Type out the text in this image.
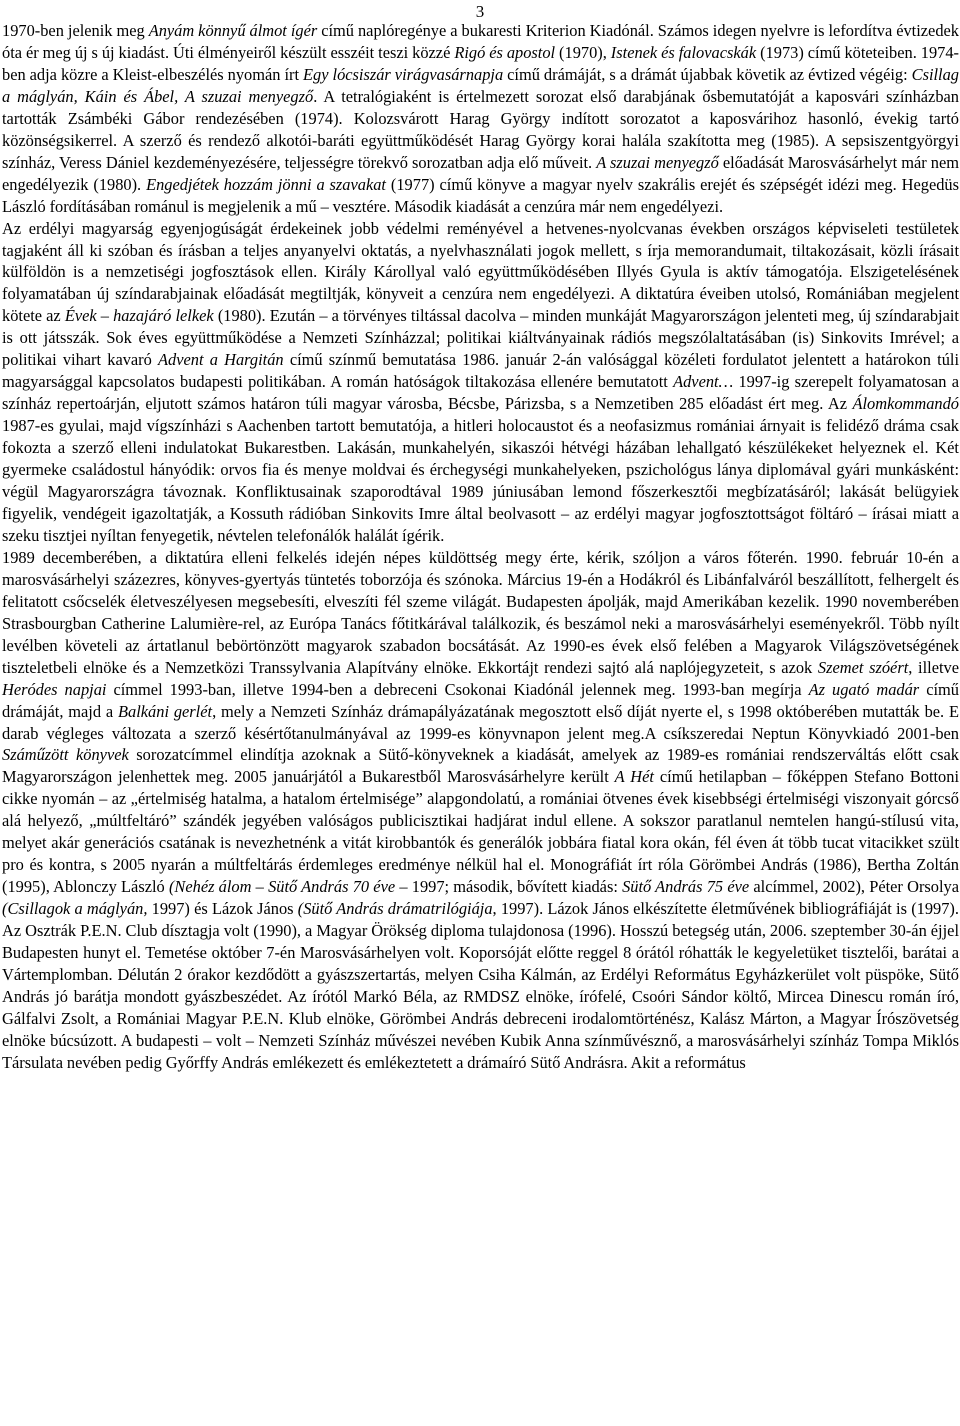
3

1970-ben jelenik meg Anyám könnyű álmot ígér című naplóregénye a bukaresti Kriterion Kiadónál. Számos idegen nyelvre is lefordítva évtizedek óta ér meg új s új kiadást. Úti élményeiről készült esszéit teszi közzé Rigó és apostol (1970), Istenek és falovacskák (1973) című köteteiben. 1974-ben adja közre a Kleist-elbeszélés nyomán írt Egy lócsiszár virágvasárnapja című drámáját, s a drámát újabbak követik az évtized végéig: Csillag a máglyán, Káin és Ábel, A szuzai menyegző. A tetralógiaként is értelmezett sorozat első darabjának ősbemutatóját a kaposvári színházban tartották Zsámbéki Gábor rendezésében (1974). Kolozsvárott Harag György indított sorozatot a kaposvárihoz hasonló, évekig tartó közönségsikerrel. A szerző és rendező alkotói-baráti együttműködését Harag György korai halála szakította meg (1985). A sepsiszentgyörgyi színház, Veress Dániel kezdeményezésére, teljességre törekvő sorozatban adja elő műveit. A szuzai menyegző előadását Marosvásárhelyt már nem engedélyezik (1980). Engedjétek hozzám jönni a szavakat (1977) című könyve a magyar nyelv szakrális erejét és szépségét idézi meg. Hegedüs László fordításában románul is megjelenik a mű – vesztére. Második kiadását a cenzúra már nem engedélyezi.

Az erdélyi magyarság egyenjogúságát érdekeinek jobb védelmi reményével a hetvenes-nyolcvanas években országos képviseleti testületek tagjaként áll ki szóban és írásban a teljes anyanyelvi oktatás, a nyelvhasználati jogok mellett, s írja memorandumait, tiltakozásait, közli írásait külföldön is a nemzetiségi jogfosztások ellen. Király Károllyal való együttműködésében Illyés Gyula is aktív támogatója. Elszigetelésének folyamatában új színdarabjainak előadását megtiltják, könyveit a cenzúra nem engedélyezi. A diktatúra éveiben utolsó, Romániában megjelent kötete az Évek – hazajáró lelkek (1980). Ezután – a törvényes tiltással dacolva – minden munkáját Magyarországon jelenteti meg, új színdarabjait is ott játsszák. Sok éves együttműködése a Nemzeti Színházzal; politikai kiáltványainak rádiós megszólaltatásában (is) Sinkovits Imrével; a politikai vihart kavaró Advent a Hargitán című színmű bemutatása 1986. január 2-án valósággal közéleti fordulatot jelentett a határokon túli magyarsággal kapcsolatos budapesti politikában. A román hatóságok tiltakozása ellenére bemutatott Advent… 1997-ig szerepelt folyamatosan a színház repertoárján, eljutott számos határon túli magyar városba, Bécsbe, Párizsba, s a Nemzetiben 285 előadást ért meg. Az Álomkommandó 1987-es gyulai, majd vígszínházi s Aachenben tartott bemutatója, a hitleri holocaustot és a neofasizmus romániai árnyait is felidéző dráma csak fokozta a szerző elleni indulatokat Bukarestben. Lakásán, munkahelyén, sikaszói hétvégi házában lehallgató készülékeket helyeznek el. Két gyermeke családostul hányódik: orvos fia és menye moldvai és érchegységi munkahelyeken, pszichológus lánya diplomával gyári munkásként: végül Magyarországra távoznak. Konfliktusainak szaporodtával 1989 júniusában lemond főszerkesztői megbízatásáról; lakását belügyiek figyelik, vendégeit igazoltatják, a Kossuth rádióban Sinkovits Imre által beolvasott – az erdélyi magyar jogfosztottságot föltáró – írásai miatt a szeku tisztjei nyíltan fenyegetik, névtelen telefonálók halálát ígérik.

1989 decemberében, a diktatúra elleni felkelés idején népes küldöttség megy érte, kérik, szóljon a város főterén. 1990. február 10-én a marosvásárhelyi százezres, könyves-gyertyás tüntetés toborzója és szónoka. Március 19-én a Hodákról és Libánfalváról beszállított, felhergelt és felitatott csőcselék életveszélyesen megsebesíti, elveszíti fél szeme világát. Budapesten ápolják, majd Amerikában kezelik. 1990 novemberében Strasbourgban Catherine Lalumière-rel, az Európa Tanács főtitkárával találkozik, és beszámol neki a marosvásárhelyi eseményekről. Több nyílt levélben követeli az ártatlanul bebörtönzött magyarok szabadon bocsátását. Az 1990-es évek első felében a Magyarok Világszövetségének tiszteletbeli elnöke és a Nemzetközi Transsylvania Alapítvány elnöke. Ekkortájt rendezi sajtó alá naplójegyzeteit, s azok Szemet szóért, illetve Heródes napjai címmel 1993-ban, illetve 1994-ben a debreceni Csokonai Kiadónál jelennek meg. 1993-ban megírja Az ugató madár című drámáját, majd a Balkáni gerlét, mely a Nemzeti Színház drámapályázatának megosztott első díját nyerte el, s 1998 októberében mutatták be. E darab végleges változata a szerző késértőtanulmányával az 1999-es könyvnapon jelent meg.A csíkszeredai Neptun Könyvkiadó 2001-ben Száműzött könyvek sorozatcímmel elindítja azoknak a Sütő-könyveknek a kiadását, amelyek az 1989-es romániai rendszerváltás előtt csak Magyarországon jelenhettek meg. 2005 januárjától a Bukarestből Marosvásárhelyre került A Hét című hetilapban – főképpen Stefano Bottoni cikke nyomán – az „értelmiség hatalma, a hatalom értelmisége” alapgondolatú, a romániai ötvenes évek kisebbségi értelmiségi viszonyait górcső alá helyező, „múltfeltáró” szándék jegyében valóságos publicisztikai hadjárat indul ellene. A sokszor paratlanul nemtelen hangú-stílusú vita, melyet akár generációs csatának is nevezhetnénk a vitát kirobbantók és generálók jobbára fiatal kora okán, fél éven át több tucat vitacikket szült pro és kontra, s 2005 nyarán a múltfeltárás érdemleges eredménye nélkül hal el. Monográfiát írt róla Görömbei András (1986), Bertha Zoltán (1995), Ablonczy László (Nehéz álom – Sütő András 70 éve – 1997; második, bővített kiadás: Sütő András 75 éve alcímmel, 2002), Péter Orsolya (Csillagok a máglyán, 1997) és Lázok János (Sütő András drámatrilógiája, 1997). Lázok János elkészítette életművének bibliográfiáját is (1997). Az Osztrák P.E.N. Club dísztagja volt (1990), a Magyar Örökség diploma tulajdonosa (1996). Hosszú betegség után, 2006. szeptember 30-án éjjel Budapesten hunyt el. Temetése október 7-én Marosvásárhelyen volt. Koporsóját előtte reggel 8 órától róhatták le kegyeletüket tisztelői, barátai a Vártemplomban. Délután 2 órakor kezdődött a gyászszertartás, melyen Csiha Kálmán, az Erdélyi Református Egyházkerület volt püspöke, Sütő András jó barátja mondott gyászbeszédet. Az írótól Markó Béla, az RMDSZ elnöke, írófelé, Csoóri Sándor költő, Mircea Dinescu román író, Gálfalvi Zsolt, a Romániai Magyar P.E.N. Klub elnöke, Görömbei András debreceni irodalomtörténész, Kalász Márton, a Magyar Írószövetség elnöke búcsúzott. A budapesti – volt – Nemzeti Színház művészei nevében Kubik Anna színművésznő, a marosvásárhelyi színház Tompa Miklós Társulata nevében pedig Győrffy András emlékezett és emlékeztetett a drámaíró Sütő Andrásra. Akit a református
